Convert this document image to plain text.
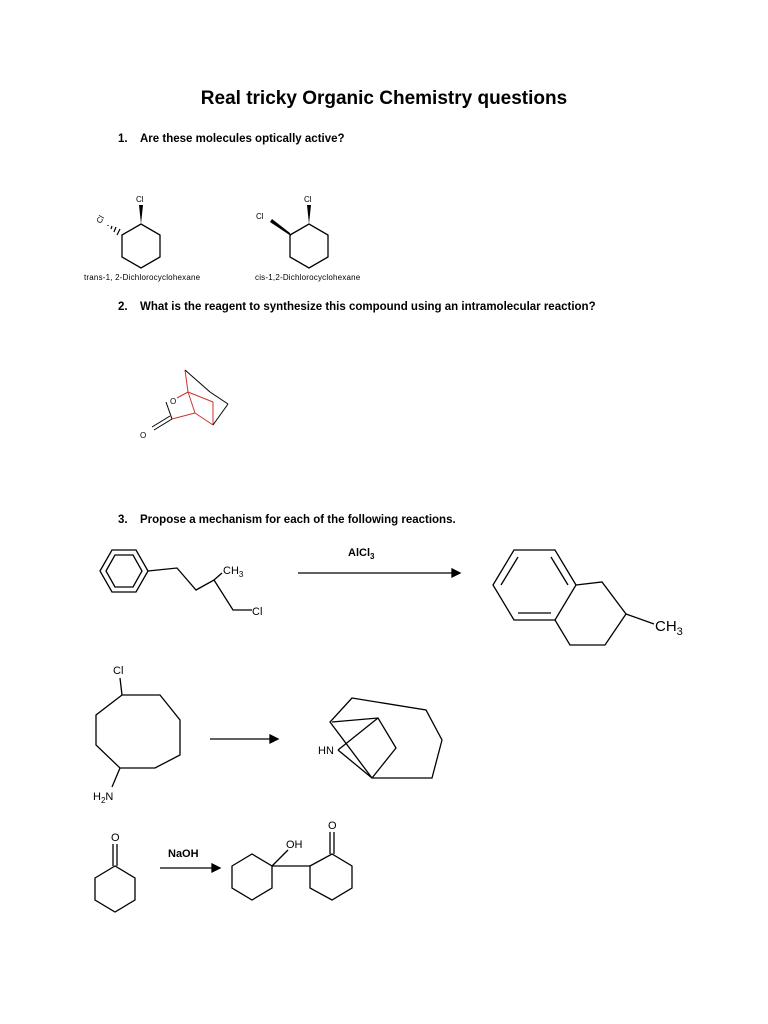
Real tricky Organic Chemistry questions
1. Are these molecules optically active?
2. What is the reagent to synthesize this compound using an intramolecular reaction?
3. Propose a mechanism for each of the following reactions.
trans-1, 2-Dichlorocyclohexane	cis-1,2-Dichlorocyclohexane
Cl
Cl
Cl
Cl
O
O
$CH_3$
Cl
AlCl$_3$
$CH_3$
Cl
$H_2N$
HN
O
NaOH
OH
O
